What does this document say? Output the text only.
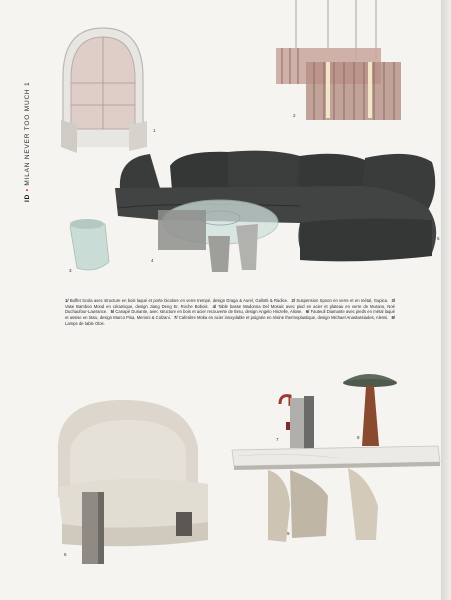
ID • MILAN NEVER TOO MUCH 1
1
2
5
3
4
1/ Buffet Scola avec structure en bois laqué et porte bicolore en verre trempé, design Draga & Aurel, Gallotti & Radice. 2/ Suspension Spoon en verre et en métal, Gupica. 3/ Vase Bamboo Mood en céramique, design Jiang Deng Er, Roche Bobois. 4/ Table basse Madonna Del Mosaic avec pied en acier et plateau en verre de Murano, Noé Duchaufour-Lawrance. 5/ Canapé Dunante, avec structure en bois et acier recouverte de tissu, design Angelo Hinzelle, Aliose. 6/ Fauteuil Diamante avec pieds en métal laqué et assise en tissu, design Marco Pisa, Merioni & Colzani. 7/ Cafetière Moka en acier inoxydable et poignée en résine thermoplastique, design Michael Anastassiades, Alessi. 8/ Lampe de table Olos.
6
8
7
9
